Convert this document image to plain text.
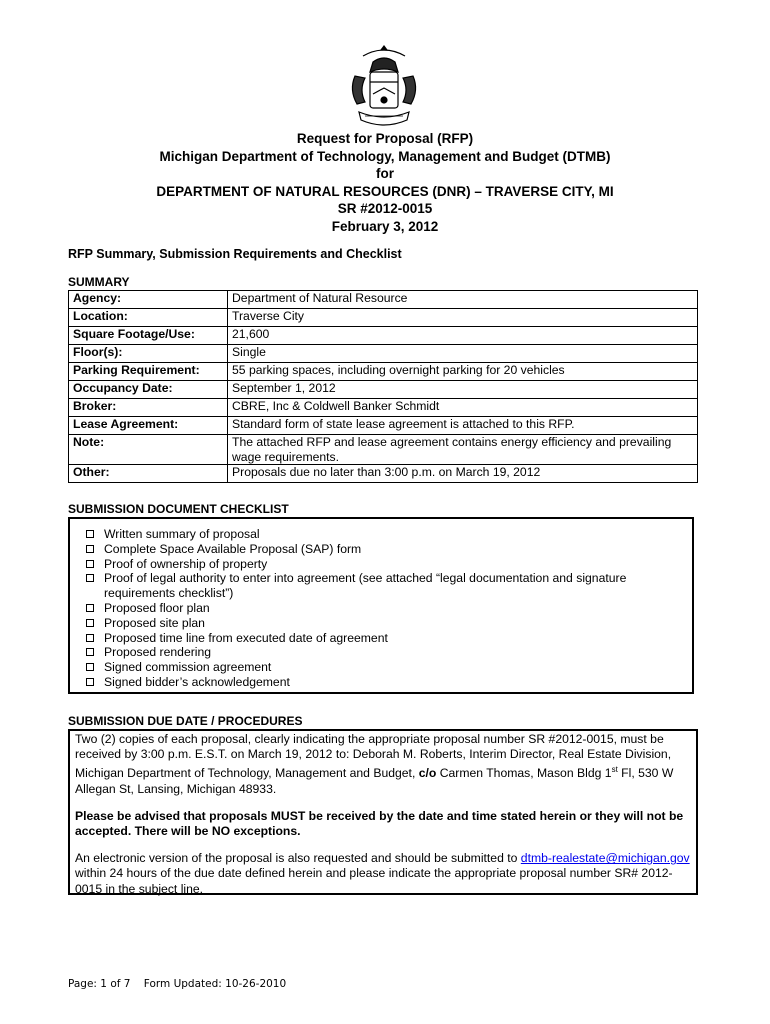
Request for Proposal (RFP)
Michigan Department of Technology, Management and Budget (DTMB)
for
DEPARTMENT OF NATURAL RESOURCES (DNR) – TRAVERSE CITY, MI
SR #2012-0015
February 3, 2012
RFP Summary, Submission Requirements and Checklist
SUMMARY
Agency:	Department of Natural Resource
Location:	Traverse City
Square Footage/Use:	21,600
Floor(s):	Single
Parking Requirement:	55 parking spaces, including overnight parking for 20 vehicles
Occupancy Date:	September 1, 2012
Broker:	CBRE, Inc & Coldwell Banker Schmidt
Lease Agreement:	Standard form of state lease agreement is attached to this RFP.
Note:	The attached RFP and lease agreement contains energy efficiency and prevailing wage requirements.
Other:	Proposals due no later than 3:00 p.m. on March 19, 2012
SUBMISSION DOCUMENT CHECKLIST
Written summary of proposal
Complete Space Available Proposal (SAP) form
Proof of ownership of property
Proof of legal authority to enter into agreement (see attached “legal documentation and signature requirements checklist”)
Proposed floor plan
Proposed site plan
Proposed time line from executed date of agreement
Proposed rendering
Signed commission agreement
Signed bidder’s acknowledgement
SUBMISSION DUE DATE / PROCEDURES

Two (2) copies of each proposal, clearly indicating the appropriate proposal number SR #2012-0015, must be received by 3:00 p.m. E.S.T. on March 19, 2012 to: Deborah M. Roberts, Interim Director, Real Estate Division, Michigan Department of Technology, Management and Budget, c/o Carmen Thomas, Mason Bldg 1st Fl, 530 W Allegan St, Lansing, Michigan 48933.

Please be advised that proposals MUST be received by the date and time stated herein or they will not be accepted. There will be NO exceptions.

An electronic version of the proposal is also requested and should be submitted to dtmb-realestate@michigan.gov within 24 hours of the due date defined herein and please indicate the appropriate proposal number SR# 2012-0015 in the subject line.

Page: 1 of 7 Form Updated: 10-26-2010
